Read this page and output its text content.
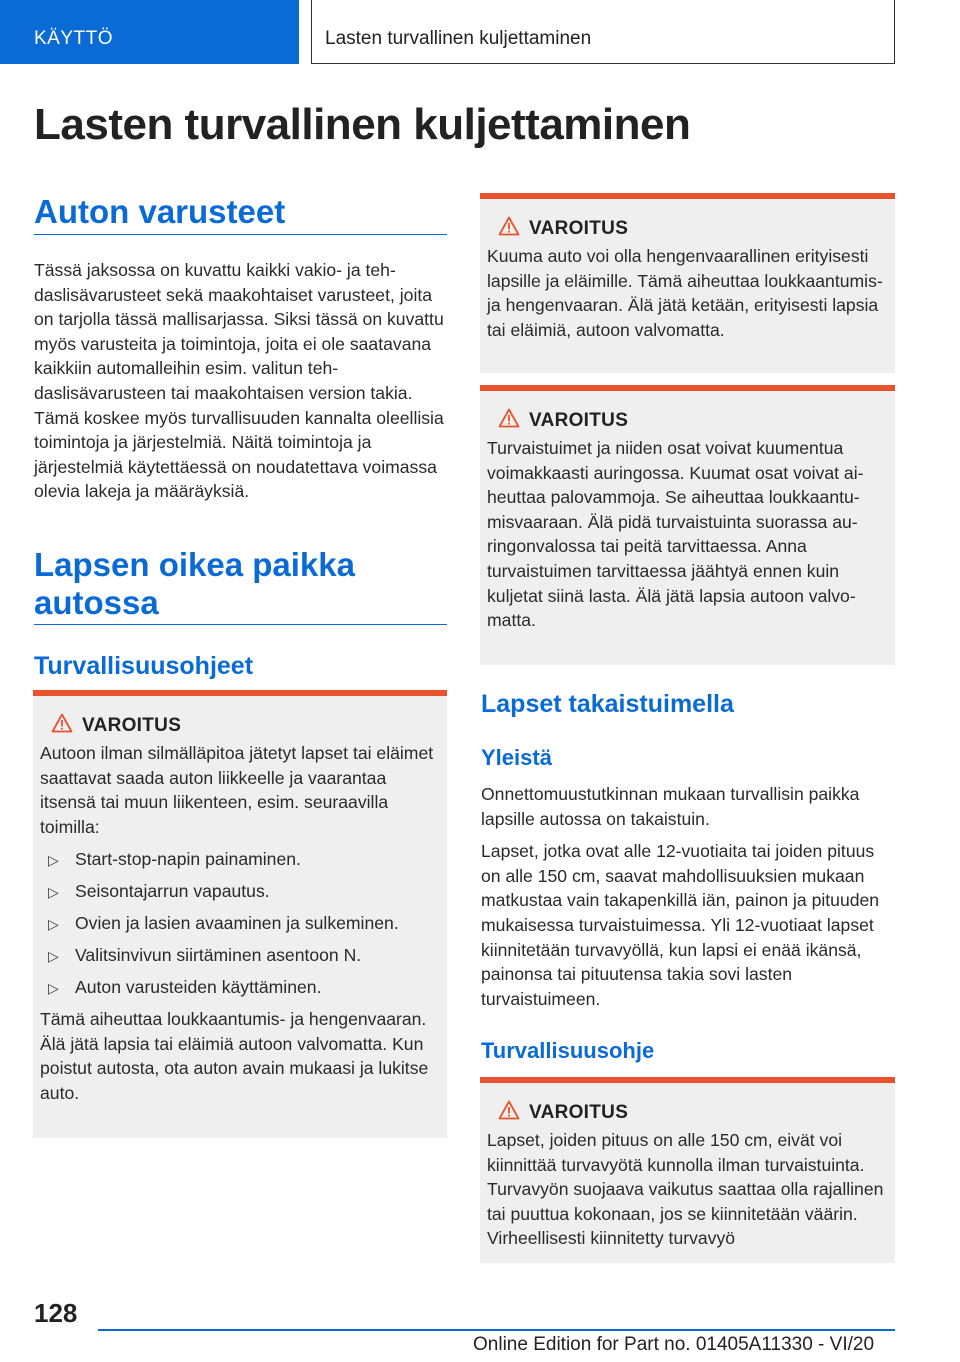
KÄYTTÖ	Lasten turvallinen kuljettaminen
Lasten turvallinen kuljettaminen
Auton varusteet
Tässä jaksossa on kuvattu kaikki vakio- ja tehdaslisävarusteet sekä maakohtaiset varusteet, joita on tarjolla tässä mallisarjassa. Siksi tässä on kuvattu myös varusteita ja toimintoja, joita ei ole saatavana kaikkiin automalleihin esim. valitun tehdaslisävarusteen tai maakohtaisen version takia. Tämä koskee myös turvallisuuden kannalta oleellisia toimintoja ja järjestelmiä. Näitä toimintoja ja järjestelmiä käytettäessä on noudatettava voimassa olevia lakeja ja määräyksiä.
Lapsen oikea paikka autossa
Turvallisuusohjeet
VAROITUS
Autoon ilman silmälläpitoa jätetyt lapset tai eläimet saattavat saada auton liikkeelle ja vaarantaa itsensä tai muun liikenteen, esim. seuraavilla toimilla:
▷ Start-stop-napin painaminen.
▷ Seisontajarrun vapautus.
▷ Ovien ja lasien avaaminen ja sulkeminen.
▷ Valitsinvivun siirtäminen asentoon N.
▷ Auton varusteiden käyttäminen.
Tämä aiheuttaa loukkaantumis- ja hengenvaaran. Älä jätä lapsia tai eläimiä autoon valvomatta. Kun poistut autosta, ota auton avain mukaasi ja lukitse auto.
VAROITUS
Kuuma auto voi olla hengenvaarallinen erityisesti lapsille ja eläimille. Tämä aiheuttaa loukkaantumis- ja hengenvaaran. Älä jätä ketään, erityisesti lapsia tai eläimiä, autoon valvomatta.
VAROITUS
Turvaistuimet ja niiden osat voivat kuumentua voimakkaasti auringossa. Kuumat osat voivat aiheuttaa palovammoja. Se aiheuttaa loukkaantumisvaaraan. Älä pidä turvaistuinta suorassa auringonvalossa tai peitä tarvittaessa. Anna turvaistuimen tarvittaessa jäähtyä ennen kuin kuljetat siinä lasta. Älä jätä lapsia autoon valvomatta.
Lapset takaistuimella
Yleistä

Onnettomuustutkinnan mukaan turvallisin paikka lapsille autossa on takaistuin.

Lapset, jotka ovat alle 12-vuotiaita tai joiden pituus on alle 150 cm, saavat mahdollisuuksien mukaan matkustaa vain takapenkillä iän, painon ja pituuden mukaisessa turvaistuimessa. Yli 12-vuotiaat lapset kiinnitetään turvavyöllä, kun lapsi ei enää ikänsä, painonsa tai pituutensa takia sovi lasten turvaistuimeen.

Turvallisuusohje
VAROITUS
Lapset, joiden pituus on alle 150 cm, eivät voi kiinnittää turvavyötä kunnolla ilman turvaistuinta. Turvavyön suojaava vaikutus saattaa olla rajallinen tai puuttua kokonaan, jos se kiinnitetään väärin. Virheellisesti kiinnitetty turvavyö
128
Online Edition for Part no. 01405A11330 - VI/20
